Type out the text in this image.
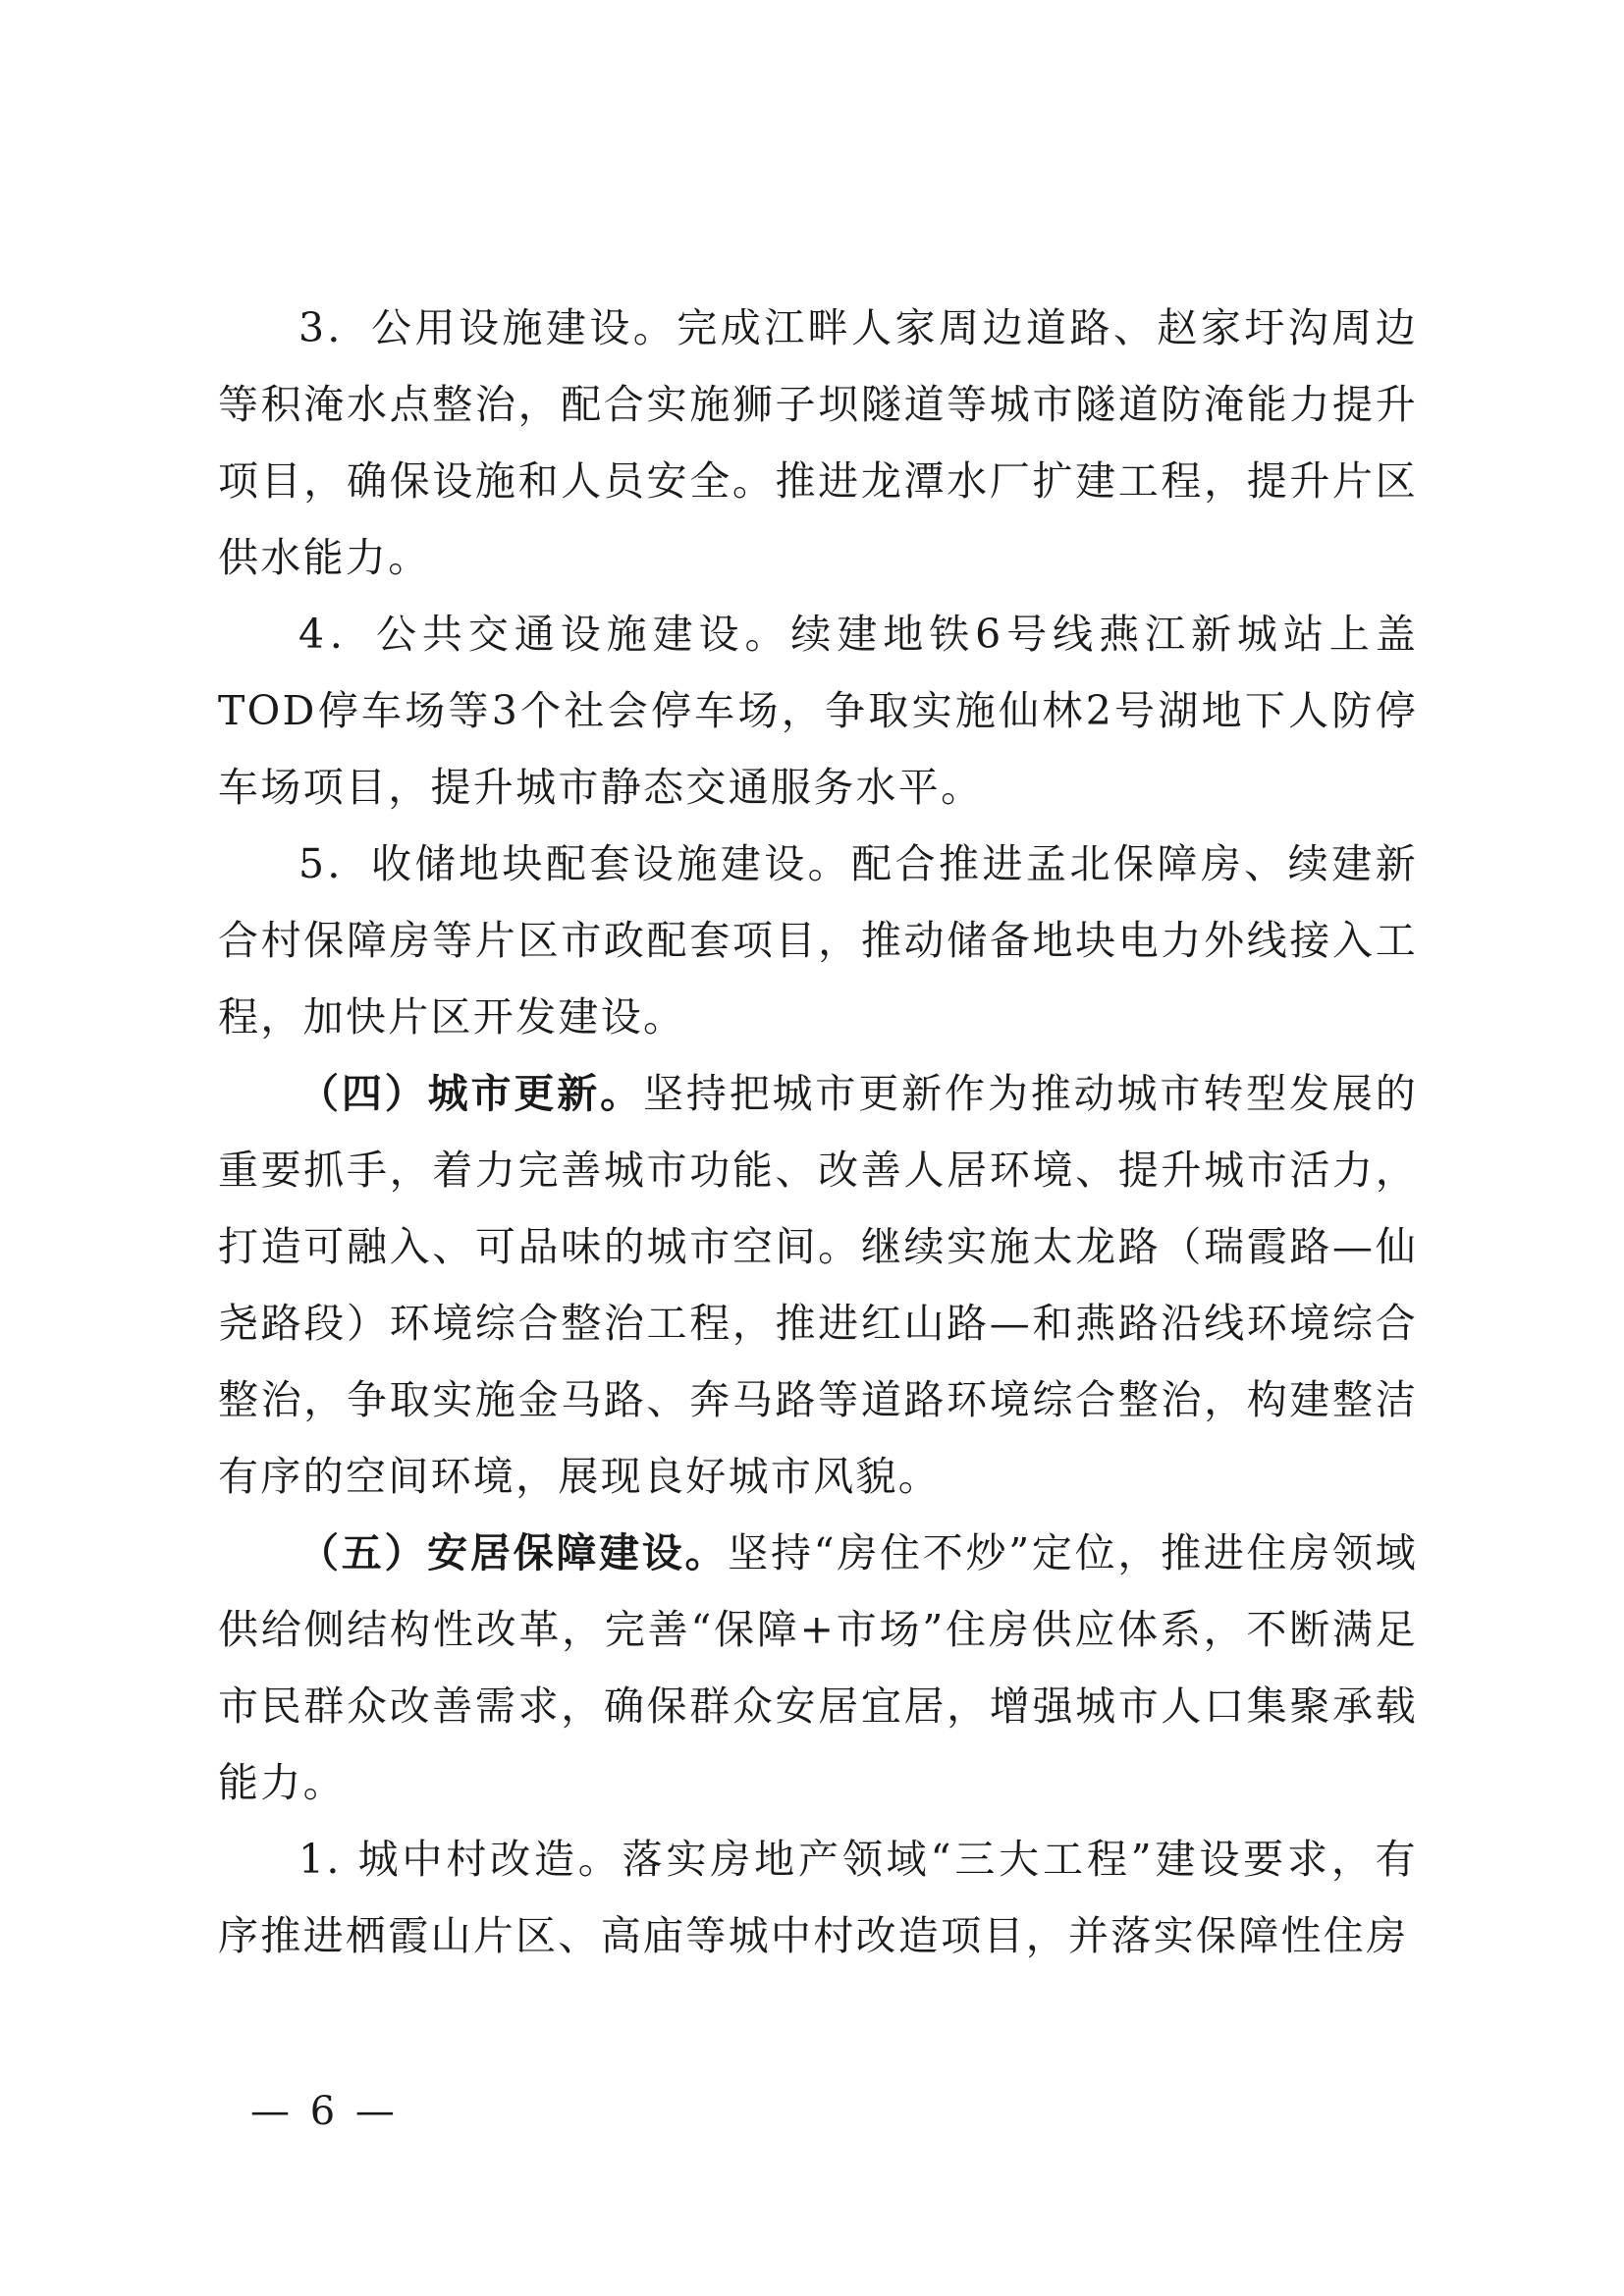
3．公用设施建设。完成江畔人家周边道路、赵家圩沟周边等积淹水点整治，配合实施狮子坝隧道等城市隧道防淹能力提升项目，确保设施和人员安全。推进龙潭水厂扩建工程，提升片区供水能力。

4．公共交通设施建设。续建地铁6号线燕江新城站上盖TOD停车场等3个社会停车场，争取实施仙林2号湖地下人防停车场项目，提升城市静态交通服务水平。

5．收储地块配套设施建设。配合推进孟北保障房、续建新合村保障房等片区市政配套项目，推动储备地块电力外线接入工程，加快片区开发建设。

（四）城市更新。坚持把城市更新作为推动城市转型发展的重要抓手，着力完善城市功能、改善人居环境、提升城市活力，打造可融入、可品味的城市空间。继续实施太龙路（瑞霞路—仙尧路段）环境综合整治工程，推进红山路—和燕路沿线环境综合整治，争取实施金马路、奔马路等道路环境综合整治，构建整洁有序的空间环境，展现良好城市风貌。

（五）安居保障建设。坚持“房住不炒”定位，推进住房领域供给侧结构性改革，完善“保障+市场”住房供应体系，不断满足市民群众改善需求，确保群众安居宜居，增强城市人口集聚承载能力。

1. 城中村改造。落实房地产领域“三大工程”建设要求，有序推进栖霞山片区、高庙等城中村改造项目，并落实保障性住房

— 6 —
